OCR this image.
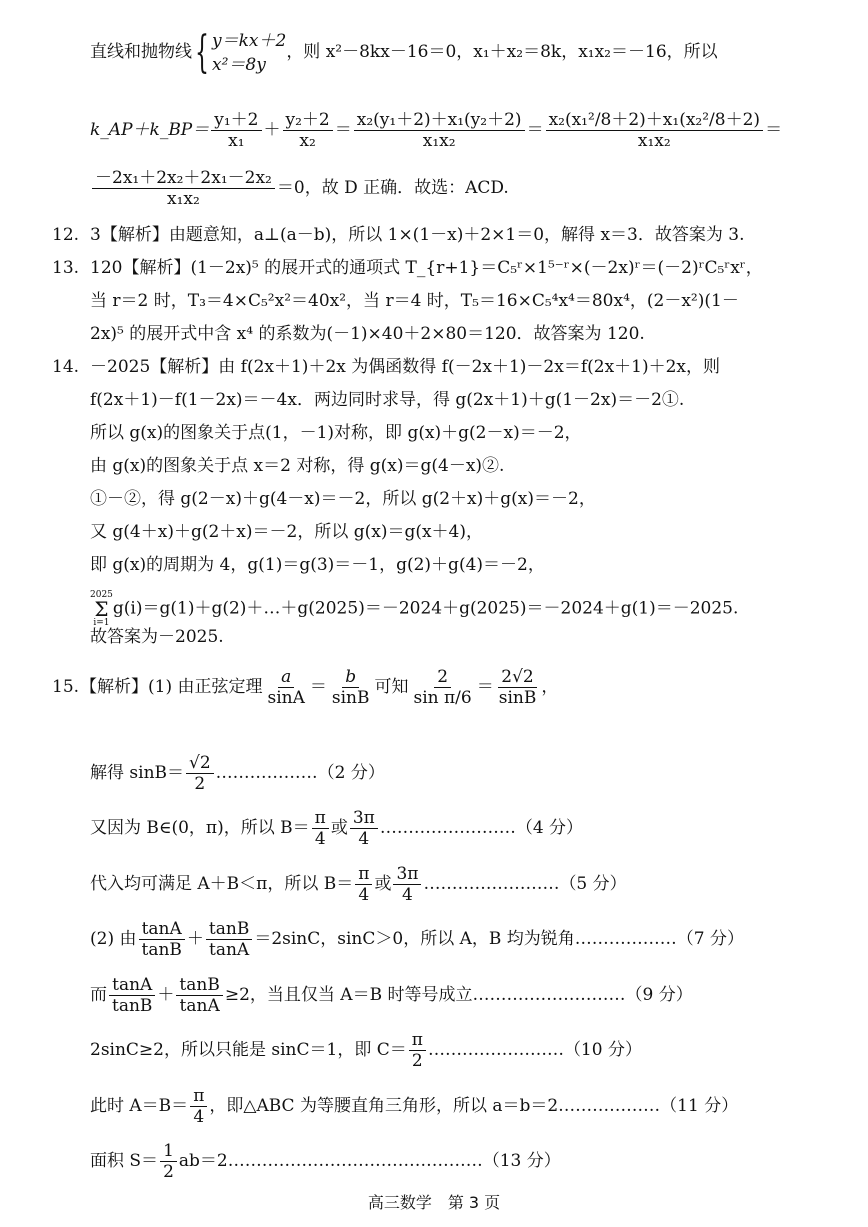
直线和抛物线{ y＝kx＋2
x²＝8y
，则 x²－8kx－16＝0，x₁＋x₂＝8k，x₁x₂＝－16，所以
k_AP＋k_BP＝ $\frac{\text{y₁＋2}}{\text{x₁}} + \frac{\text{y₂＋2}}{\text{x₂}} = \frac{\text{x₂(y₁＋2)＋x₁(y₂＋2)}}{\text{x₁x₂}} = \frac{\text{x₂(x₁²/8＋2)＋x₁(x₂²/8＋2)}}{\text{x₁x₂}}$ ＝
$\frac{\text{－2x₁＋2x₂＋2x₁－2x₂}}{\text{x₁x₂}} =0$，故 D 正确．故选：ACD.
12. 3【解析】由题意知，a⊥(a－b)，所以 1×(1－x)＋2×1＝0，解得 x＝3．故答案为 3.
13. 120【解析】(1－2x)⁵ 的展开式的通项式 T_{r+1}＝C₅ʳ×1⁵⁻ʳ×(－2x)ʳ＝(－2)ʳC₅ʳxʳ，
当 r＝2 时，T₃＝4×C₅²x²＝40x²，当 r＝4 时，T₅＝16×C₅⁴x⁴＝80x⁴，(2－x²)(1－
2x)⁵ 的展开式中含 x⁴ 的系数为(－1)×40＋2×80＝120．故答案为 120.
14. －2025【解析】由 f(2x＋1)＋2x 为偶函数得 f(－2x＋1)－2x＝f(2x＋1)＋2x，则
f(2x＋1)－f(1－2x)＝－4x．两边同时求导，得 g(2x＋1)＋g(1－2x)＝－2①.
所以 g(x)的图象关于点(1，－1)对称，即 g(x)＋g(2－x)＝－2，
由 g(x)的图象关于点 x＝2 对称，得 g(x)＝g(4－x)②.
①－②，得 g(2－x)＋g(4－x)＝－2，所以 g(2＋x)＋g(x)＝－2，
又 g(4＋x)＋g(2＋x)＝－2，所以 g(x)＝g(x＋4)，
即 g(x)的周期为 4，g(1)＝g(3)＝－1，g(2)＋g(4)＝－2，
2025
Σ
i=1
g(i)＝g(1)＋g(2)＋…＋g(2025)＝－2024＋g(2025)＝－2024＋g(1)＝－2025.
故答案为－2025.
15. 【解析】(1) 由正弦定理 $\frac{a}{\sin A} = \frac{b}{\sin B}$ 可知 $\frac{2}{\text{sin π/6}} = \frac{2√2}{\sin B}$ ，
解得 $\sin B= \frac{√2}{2}$ ………………（2 分）
又因为 B∈(0，π)，所以 $B= \frac{\pi}{4}$ 或 $\frac{3\pi}{4}$ ……………………（4 分）
代入均可满足 A＋B＜π，所以 $B= \frac{\pi}{4}$ 或 $\frac{3\pi}{4}$ ……………………（5 分）
(2) 由 $\frac{\tan A}{\tan B} + \frac{\tan B}{\tan A} =2\sin C$，sinC＞0，所以 A，B 均为锐角………………（7 分）
而 $\frac{\tan A}{\tan B} + \frac{\tan B}{\tan A} \ge 2$，当且仅当 A＝B 时等号成立………………………（9 分）
2sinC≥2，所以只能是 sinC＝1，即 $C= \frac{\pi}{2}$ ……………………（10 分）
此时 $A=B= \frac{\pi}{4}$ ，即△ABC 为等腰直角三角形，所以 a＝b＝2………………（11 分）
面积 $S= \frac{1}{2}$ ab＝2………………………………………（13 分）
高三数学　第 3 页
